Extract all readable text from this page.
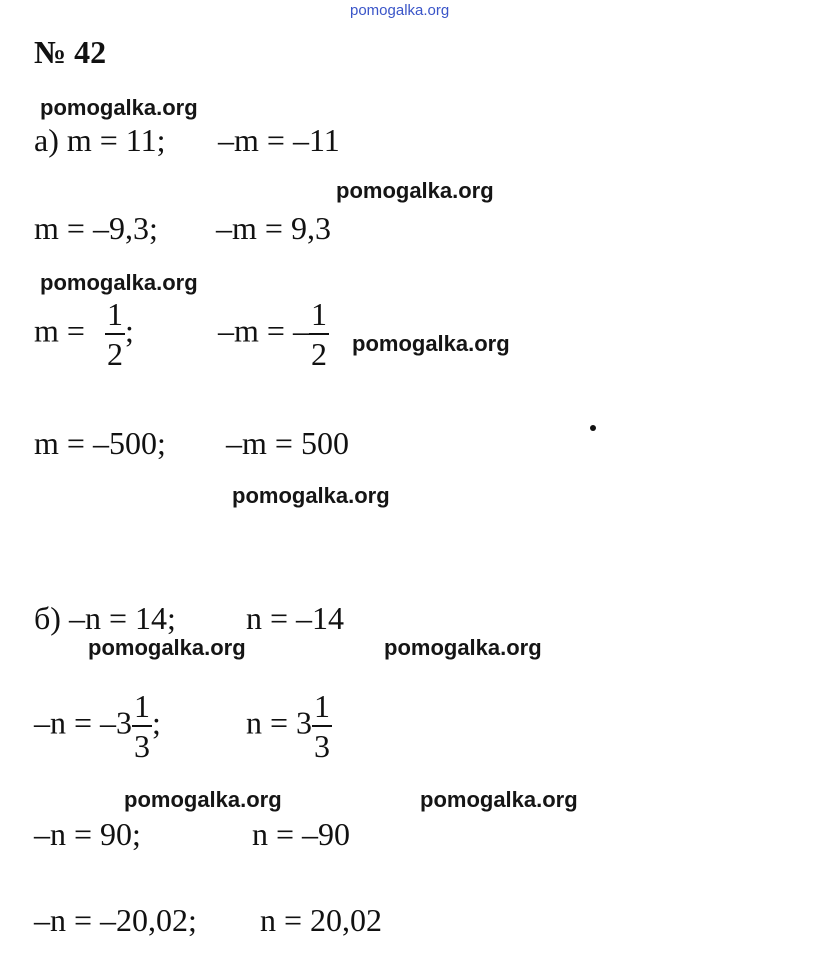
pomogalka.org
№ 42
pomogalka.org
pomogalka.org
pomogalka.org
pomogalka.org
pomogalka.org
pomogalka.org	pomogalka.org
pomogalka.org	pomogalka.org
а) m = 11; –m = –11
m = –9,3; –m = 9,3
$m = \frac{1}{2}$ ;	–m = – $\frac{1}{2}$
m = –500; –m = 500
б) –n = 14; n = –14
$-n = -3 \frac{1}{3}$ ;	$n = 3 \frac{1}{3}$
–n = 90;	n = –90
–n = –20,02; n = 20,02
